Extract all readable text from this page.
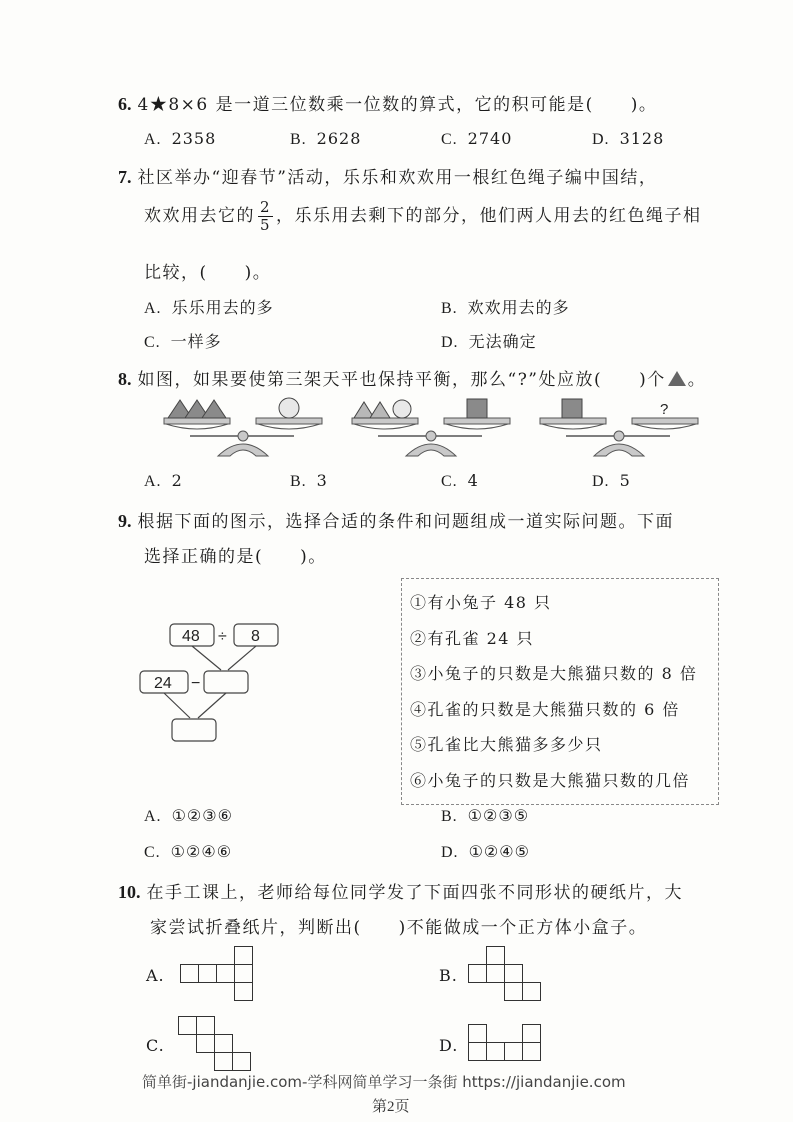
6. 4★8×6 是一道三位数乘一位数的算式，它的积可能是(　　)。
A. 2358	B. 2628	C. 2740	D. 3128
7. 社区举办“迎春节”活动，乐乐和欢欢用一根红色绳子编中国结，
欢欢用去它的 $\frac{2}{5}$ ，乐乐用去剩下的部分，他们两人用去的红色绳子相
比较，(　　)。
A. 乐乐用去的多	B. 欢欢用去的多
C. 一样多	D. 无法确定
8. 如图，如果要使第三架天平也保持平衡，那么“?”处应放(　　)个 。
?
A. 2	B. 3	C. 4	D. 5
9. 根据下面的图示，选择合适的条件和问题组成一道实际问题。下面
选择正确的是(　　)。
48 ÷ 8
24 −
①有小兔子 48 只
②有孔雀 24 只
③小兔子的只数是大熊猫只数的 8 倍
④孔雀的只数是大熊猫只数的 6 倍
⑤孔雀比大熊猫多多少只
⑥小兔子的只数是大熊猫只数的几倍
A. ①②③⑥	B. ①②③⑤
C. ①②④⑥	D. ①②④⑤
10. 在手工课上，老师给每位同学发了下面四张不同形状的硬纸片，大
家尝试折叠纸片，判断出(　　)不能做成一个正方体小盒子。
A.	B.
C.	D.
简单街-jiandanjie.com-学科网简单学习一条街 https://jiandanjie.com
第2页
